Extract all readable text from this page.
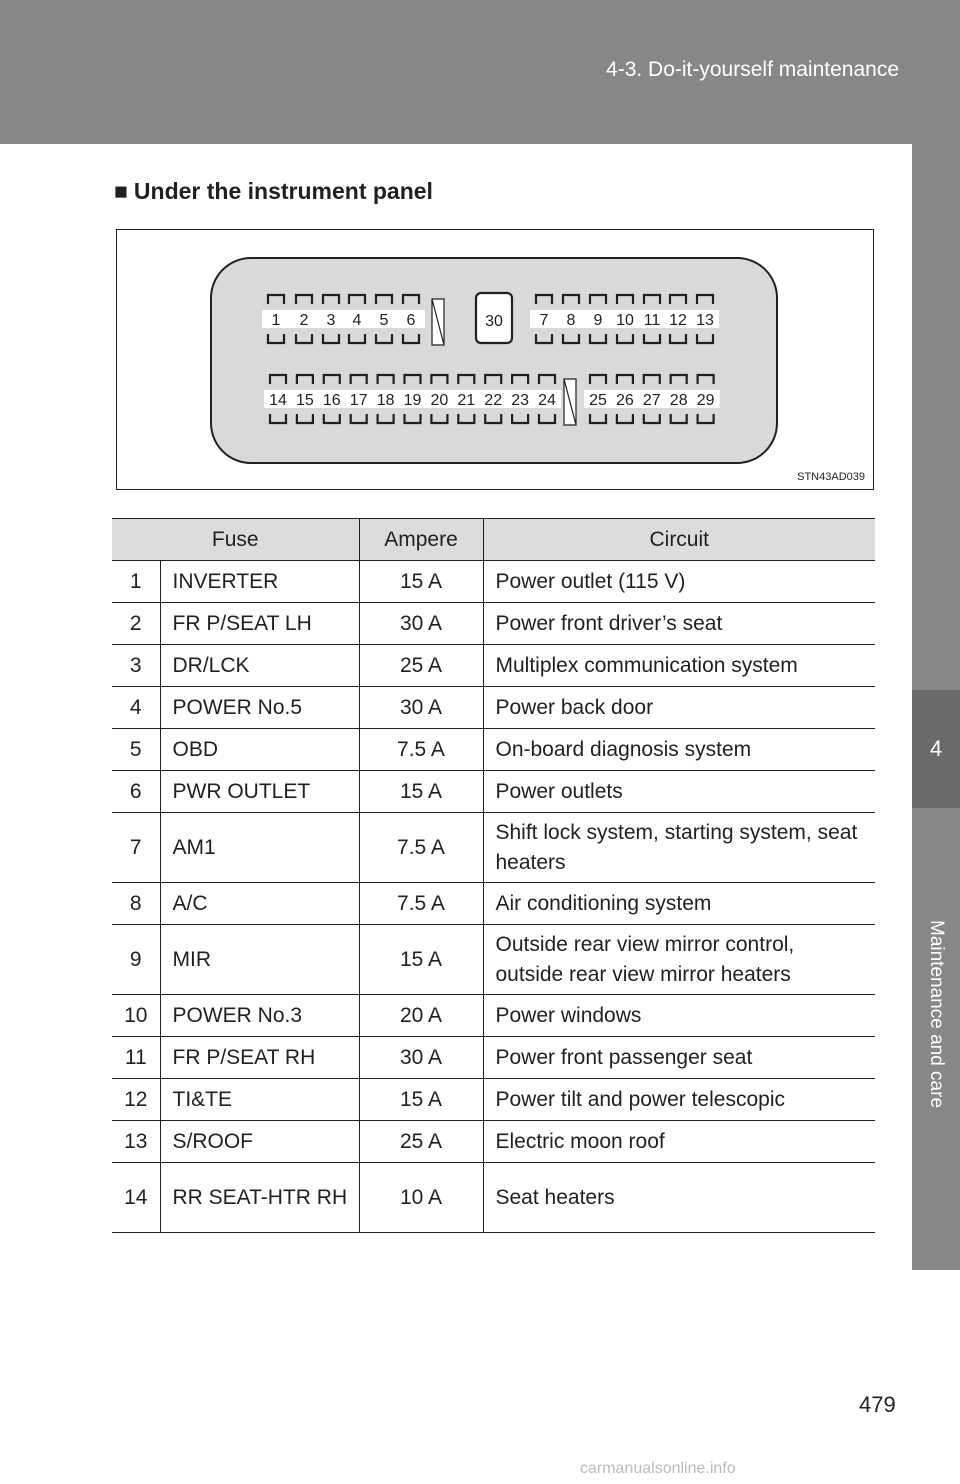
4-3. Do-it-yourself maintenance
4
Maintenance and care
■ Under the instrument panel
1 2 3 4 5 6	30 7 8 9 10 11 12 13
14 15 16 17 18 19 20 21 22 23 24 25 26 27 28 29
STN43AD039
Fuse		Ampere	Circuit
1	INVERTER	15 A	Power outlet (115 V)
2	FR P/SEAT LH	30 A	Power front driver’s seat
3	DR/LCK	25 A	Multiplex communication system
4	POWER No.5	30 A	Power back door
5	OBD	7.5 A	On-board diagnosis system
6	PWR OUTLET	15 A	Power outlets
7	AM1	7.5 A	Shift lock system, starting system, seat heaters
8	A/C	7.5 A	Air conditioning system
9	MIR	15 A	Outside rear view mirror control, outside rear view mirror heaters
10	POWER No.3	20 A	Power windows
11	FR P/SEAT RH	30 A	Power front passenger seat
12	TI&TE	15 A	Power tilt and power telescopic
13	S/ROOF	25 A	Electric moon roof
14	RR SEAT-HTR RH	10 A	Seat heaters
479
carmanualsonline.info
